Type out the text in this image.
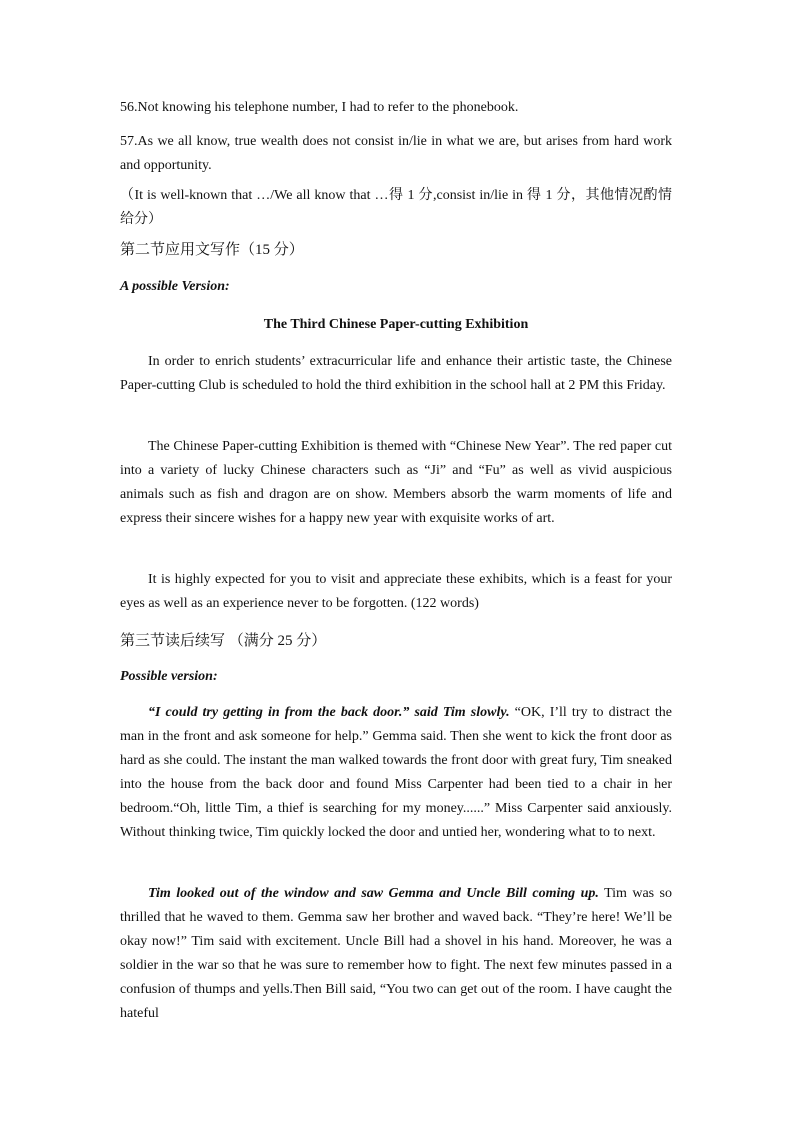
56.Not knowing his telephone number, I had to refer to the phonebook.
57.As we all know, true wealth does not consist in/lie in what we are, but arises from hard work and opportunity.
（It is well-known that …/We all know that …得 1 分,consist in/lie in 得 1 分，其他情况酌情给分）
第二节应用文写作（15 分）
A possible Version:
The Third Chinese Paper-cutting Exhibition
In order to enrich students’ extracurricular life and enhance their artistic taste, the Chinese Paper-cutting Club is scheduled to hold the third exhibition in the school hall at 2 PM this Friday.
The Chinese Paper-cutting Exhibition is themed with “Chinese New Year”. The red paper cut into a variety of lucky Chinese characters such as “Ji” and “Fu” as well as vivid auspicious animals such as fish and dragon are on show. Members absorb the warm moments of life and express their sincere wishes for a happy new year with exquisite works of art.
It is highly expected for you to visit and appreciate these exhibits, which is a feast for your eyes as well as an experience never to be forgotten. (122 words)
第三节读后续写 （满分 25 分）
Possible version:
“I could try getting in from the back door.” said Tim slowly. “OK, I’ll try to distract the man in the front and ask someone for help.” Gemma said. Then she went to kick the front door as hard as she could. The instant the man walked towards the front door with great fury, Tim sneaked into the house from the back door and found Miss Carpenter had been tied to a chair in her bedroom.“Oh, little Tim, a thief is searching for my money......” Miss Carpenter said anxiously. Without thinking twice, Tim quickly locked the door and untied her, wondering what to to next.
Tim looked out of the window and saw Gemma and Uncle Bill coming up. Tim was so thrilled that he waved to them. Gemma saw her brother and waved back. “They’re here! We’ll be okay now!” Tim said with excitement. Uncle Bill had a shovel in his hand. Moreover, he was a soldier in the war so that he was sure to remember how to fight. The next few minutes passed in a confusion of thumps and yells.Then Bill said, “You two can get out of the room. I have caught the hateful
